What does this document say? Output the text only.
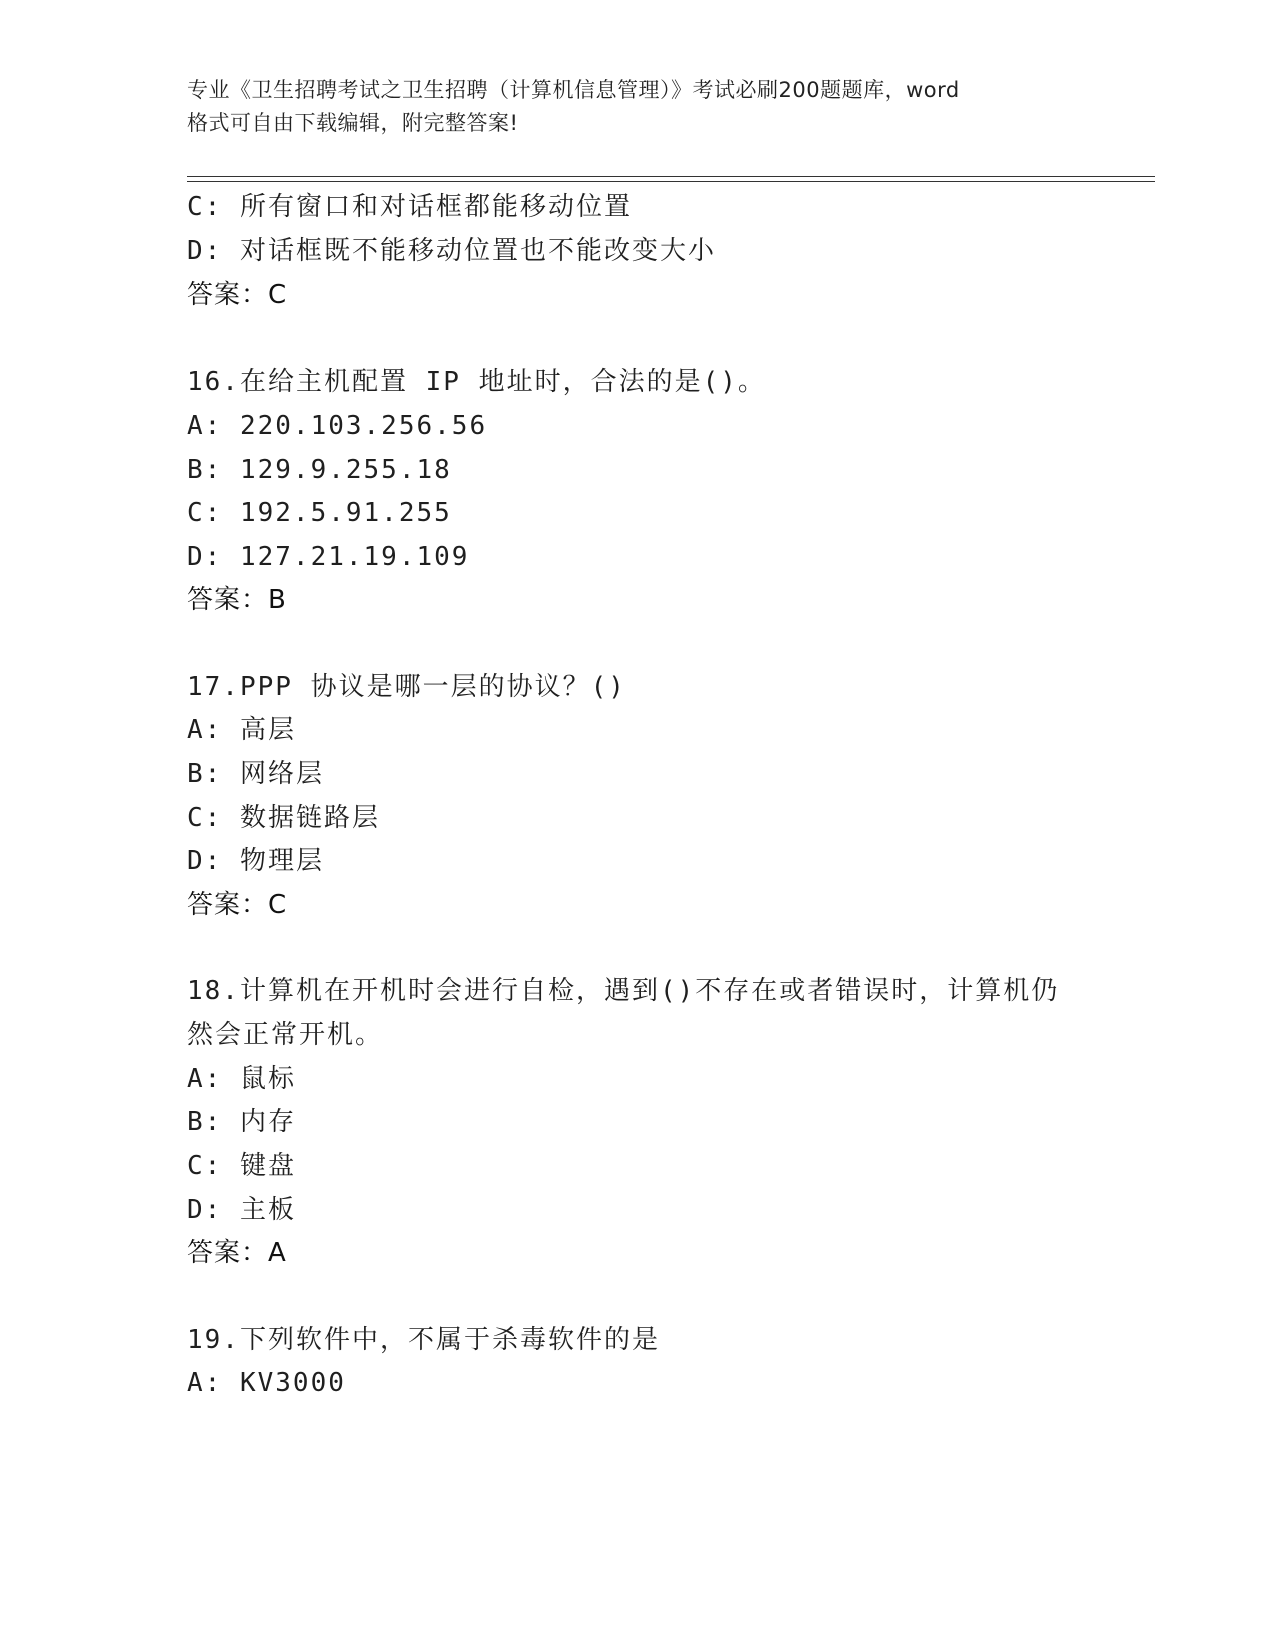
专业《卫生招聘考试之卫生招聘（计算机信息管理）》考试必刷200题题库，word
格式可自由下载编辑，附完整答案!
C: 所有窗口和对话框都能移动位置
D: 对话框既不能移动位置也不能改变大小
答案：C
16.在给主机配置 IP 地址时，合法的是()。
A: 220.103.256.56
B: 129.9.255.18
C: 192.5.91.255
D: 127.21.19.109
答案：B
17.PPP 协议是哪一层的协议？()
A: 高层
B: 网络层
C: 数据链路层
D: 物理层
答案：C
18.计算机在开机时会进行自检，遇到()不存在或者错误时，计算机仍
然会正常开机。
A: 鼠标
B: 内存
C: 键盘
D: 主板
答案：A
19.下列软件中，不属于杀毒软件的是
A: KV3000
